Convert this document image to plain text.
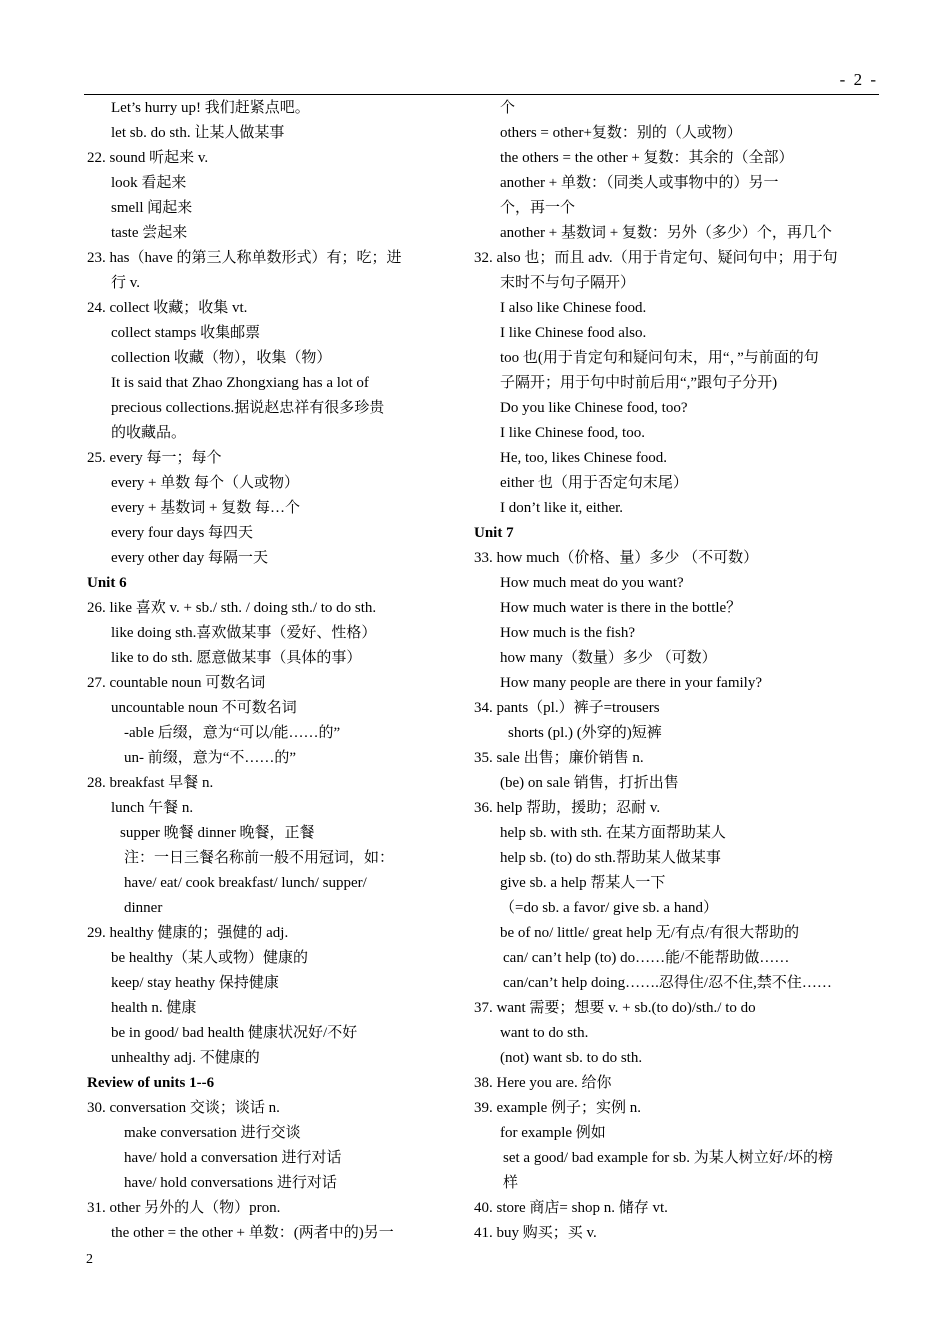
- 2 -
Let’s hurry up! 我们赶紧点吧。
let sb. do sth. 让某人做某事
22. sound 听起来 v.
look 看起来
smell 闻起来
taste 尝起来
23. has（have 的第三人称单数形式）有；吃；进
行 v.
24. collect 收藏；收集 vt.
collect stamps 收集邮票
collection 收藏（物），收集（物）
It is said that Zhao Zhongxiang has a lot of
precious collections.据说赵忠祥有很多珍贵
的收藏品。
25. every 每一；每个
every + 单数 每个（人或物）
every + 基数词 + 复数 每…个
every four days 每四天
every other day 每隔一天
Unit 6
26. like 喜欢 v. + sb./ sth. / doing sth./ to do sth.
like doing sth.喜欢做某事（爱好、性格）
like to do sth. 愿意做某事（具体的事）
27. countable noun 可数名词
uncountable noun 不可数名词
-able 后缀，意为“可以/能……的”
un- 前缀，意为“不……的”
28. breakfast 早餐 n.
lunch 午餐 n.
supper 晚餐 dinner 晚餐，正餐
注：一日三餐名称前一般不用冠词，如：
have/ eat/ cook breakfast/ lunch/ supper/
dinner
29. healthy 健康的；强健的 adj.
be healthy（某人或物）健康的
keep/ stay heathy 保持健康
health n. 健康
be in good/ bad health 健康状况好/不好
unhealthy adj. 不健康的
Review of units 1--6
30. conversation 交谈；谈话 n.
make conversation 进行交谈
have/ hold a conversation 进行对话
have/ hold conversations 进行对话
31. other 另外的人（物）pron.
the other = the other + 单数：(两者中的)另一
个
others = other+复数：别的（人或物）
the others = the other + 复数：其余的（全部）
another + 单数：（同类人或事物中的）另一
个，再一个
another + 基数词 + 复数：另外（多少）个，再几个
32. also 也；而且 adv.（用于肯定句、疑问句中；用于句
末时不与句子隔开）
I also like Chinese food.
I like Chinese food also.
too 也(用于肯定句和疑问句末，用“，”与前面的句
子隔开；用于句中时前后用“,”跟句子分开)
Do you like Chinese food, too?
I like Chinese food, too.
He, too, likes Chinese food.
either 也（用于否定句末尾）
I don’t like it, either.
Unit 7
33. how much（价格、量）多少 （不可数）
How much meat do you want?
How much water is there in the bottle？
How much is the fish?
how many（数量）多少 （可数）
How many people are there in your family?
34. pants（pl.）裤子=trousers
shorts (pl.) (外穿的)短裤
35. sale 出售；廉价销售 n.
(be) on sale 销售，打折出售
36. help 帮助，援助；忍耐 v.
help sb. with sth. 在某方面帮助某人
help sb. (to) do sth.帮助某人做某事
give sb. a help 帮某人一下
（=do sb. a favor/ give sb. a hand）
be of no/ little/ great help 无/有点/有很大帮助的
can/ can’t help (to) do……能/不能帮助做……
can/can’t help doing…….忍得住/忍不住,禁不住……
37. want 需要；想要 v. + sb.(to do)/sth./ to do
want to do sth.
(not) want sb. to do sth.
38. Here you are. 给你
39. example 例子；实例 n.
for example 例如
set a good/ bad example for sb. 为某人树立好/坏的榜
样
40. store 商店= shop n. 储存 vt.
41. buy 购买；买 v.
2
